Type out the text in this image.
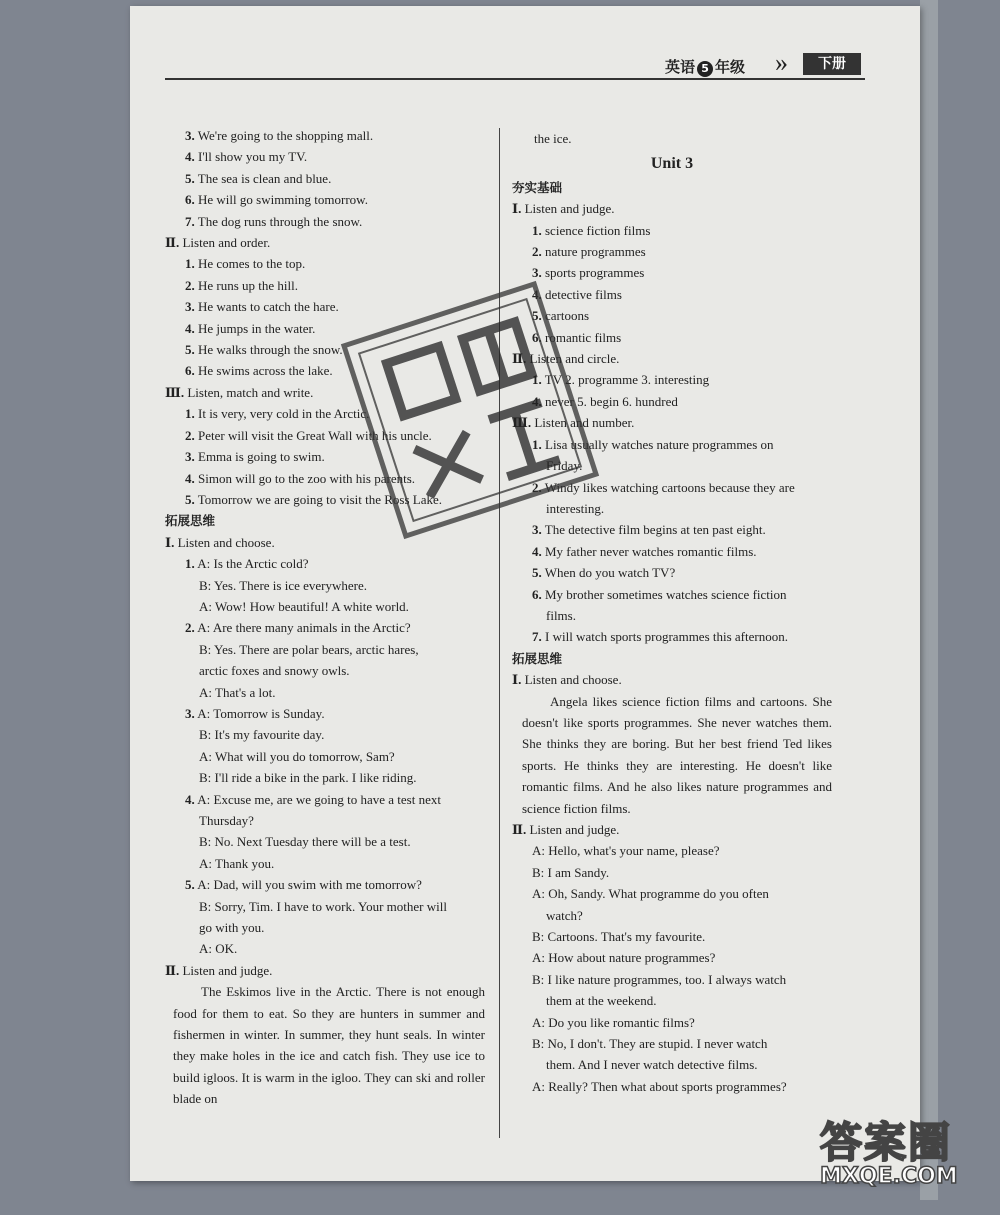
英语 5 年级 »	下册
3. We're going to the shopping mall.
4. I'll show you my TV.
5. The sea is clean and blue.
6. He will go swimming tomorrow.
7. The dog runs through the snow.
Ⅱ. Listen and order.
1. He comes to the top.
2. He runs up the hill.
3. He wants to catch the hare.
4. He jumps in the water.
5. He walks through the snow.
6. He swims across the lake.
Ⅲ. Listen, match and write.
1. It is very, very cold in the Arctic.
2. Peter will visit the Great Wall with his uncle.
3. Emma is going to swim.
4. Simon will go to the zoo with his parents.
5. Tomorrow we are going to visit the Ross Lake.
拓展思维
Ⅰ. Listen and choose.
1. A: Is the Arctic cold?
B: Yes. There is ice everywhere.
A: Wow! How beautiful! A white world.
2. A: Are there many animals in the Arctic?
B: Yes. There are polar bears, arctic hares,
arctic foxes and snowy owls.
A: That's a lot.
3. A: Tomorrow is Sunday.
B: It's my favourite day.
A: What will you do tomorrow, Sam?
B: I'll ride a bike in the park. I like riding.
4. A: Excuse me, are we going to have a test next
Thursday?
B: No. Next Tuesday there will be a test.
A: Thank you.
5. A: Dad, will you swim with me tomorrow?
B: Sorry, Tim. I have to work. Your mother will
go with you.
A: OK.
Ⅱ. Listen and judge.
The Eskimos live in the Arctic. There is not enough food for them to eat. So they are hunters in summer and fishermen in winter. In summer, they hunt seals. In winter they make holes in the ice and catch fish. They use ice to build igloos. It is warm in the igloo. They can ski and roller blade on
the ice.
Unit 3
夯实基础
Ⅰ. Listen and judge.
1. science fiction films
2. nature programmes
3. sports programmes
4. detective films
5. cartoons
6. romantic films
Ⅱ. Listen and circle.
1. TV 2. programme 3. interesting
4. never 5. begin 6. hundred
Ⅲ. Listen and number.
1. Lisa usually watches nature programmes on
Friday.
2. Windy likes watching cartoons because they are
interesting.
3. The detective film begins at ten past eight.
4. My father never watches romantic films.
5. When do you watch TV?
6. My brother sometimes watches science fiction
films.
7. I will watch sports programmes this afternoon.
拓展思维
Ⅰ. Listen and choose.
Angela likes science fiction films and cartoons. She doesn't like sports programmes. She never watches them. She thinks they are boring. But her best friend Ted likes sports. He thinks they are interesting. He doesn't like romantic films. And he also likes nature programmes and science fiction films.
Ⅱ. Listen and judge.
A: Hello, what's your name, please?
B: I am Sandy.
A: Oh, Sandy. What programme do you often
watch?
B: Cartoons. That's my favourite.
A: How about nature programmes?
B: I like nature programmes, too. I always watch
them at the weekend.
A: Do you like romantic films?
B: No, I don't. They are stupid. I never watch
them. And I never watch detective films.
A: Really? Then what about sports programmes?
答案圈
MXQE.COM
